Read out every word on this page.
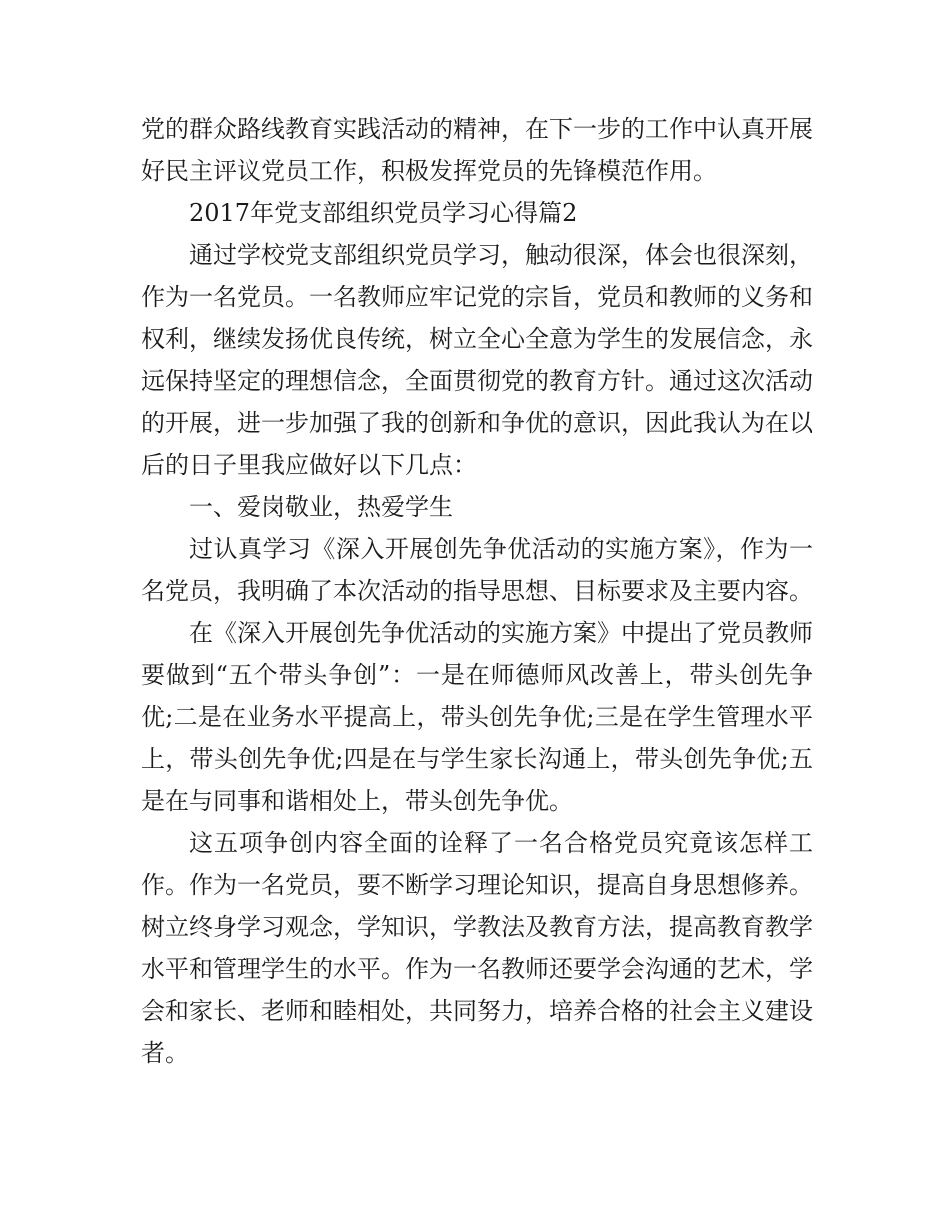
党的群众路线教育实践活动的精神，在下一步的工作中认真开展好民主评议党员工作，积极发挥党员的先锋模范作用。

2017年党支部组织党员学习心得篇2

通过学校党支部组织党员学习，触动很深，体会也很深刻，作为一名党员。一名教师应牢记党的宗旨，党员和教师的义务和权利，继续发扬优良传统，树立全心全意为学生的发展信念，永远保持坚定的理想信念，全面贯彻党的教育方针。通过这次活动的开展，进一步加强了我的创新和争优的意识，因此我认为在以后的日子里我应做好以下几点：

一、爱岗敬业，热爱学生

过认真学习《深入开展创先争优活动的实施方案》，作为一名党员，我明确了本次活动的指导思想、目标要求及主要内容。

在《深入开展创先争优活动的实施方案》中提出了党员教师要做到“五个带头争创”：一是在师德师风改善上，带头创先争优;二是在业务水平提高上，带头创先争优;三是在学生管理水平上，带头创先争优;四是在与学生家长沟通上，带头创先争优;五是在与同事和谐相处上，带头创先争优。

这五项争创内容全面的诠释了一名合格党员究竟该怎样工作。作为一名党员，要不断学习理论知识，提高自身思想修养。树立终身学习观念，学知识，学教法及教育方法，提高教育教学水平和管理学生的水平。作为一名教师还要学会沟通的艺术，学会和家长、老师和睦相处，共同努力，培养合格的社会主义建设者。
